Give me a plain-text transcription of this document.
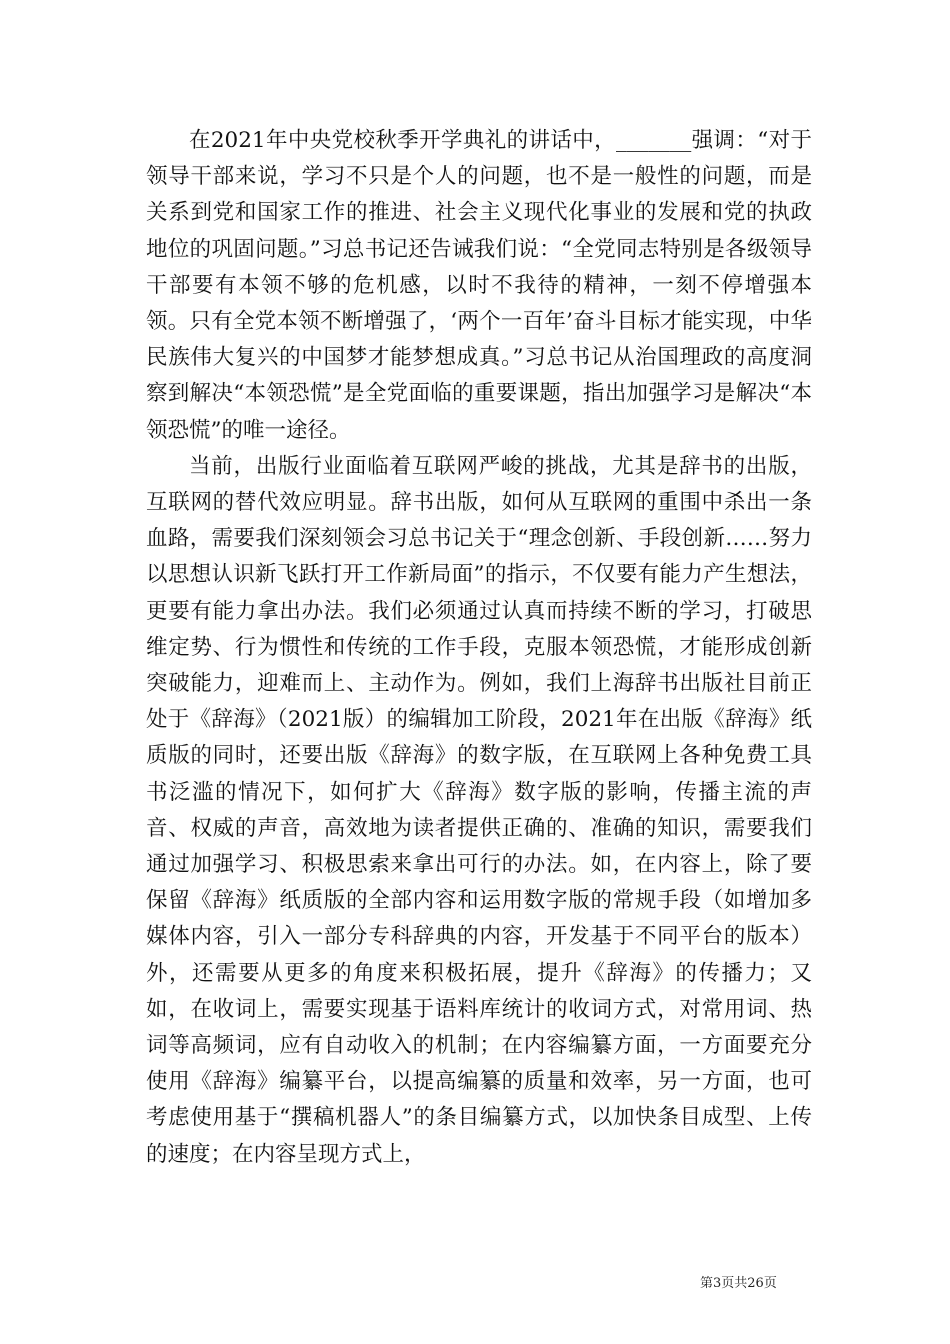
在2021年中央党校秋季开学典礼的讲话中，_______强调：“对于领导干部来说，学习不只是个人的问题，也不是一般性的问题，而是关系到党和国家工作的推进、社会主义现代化事业的发展和党的执政地位的巩固问题。”习总书记还告诫我们说：“全党同志特别是各级领导干部要有本领不够的危机感，以时不我待的精神，一刻不停增强本领。只有全党本领不断增强了，‘两个一百年’奋斗目标才能实现，中华民族伟大复兴的中国梦才能梦想成真。”习总书记从治国理政的高度洞察到解决“本领恐慌”是全党面临的重要课题，指出加强学习是解决“本领恐慌”的唯一途径。

当前，出版行业面临着互联网严峻的挑战，尤其是辞书的出版，互联网的替代效应明显。辞书出版，如何从互联网的重围中杀出一条血路，需要我们深刻领会习总书记关于“理念创新、手段创新……努力以思想认识新飞跃打开工作新局面”的指示，不仅要有能力产生想法，更要有能力拿出办法。我们必须通过认真而持续不断的学习，打破思维定势、行为惯性和传统的工作手段，克服本领恐慌，才能形成创新突破能力，迎难而上、主动作为。例如，我们上海辞书出版社目前正处于《辞海》（2021版）的编辑加工阶段，2021年在出版《辞海》纸质版的同时，还要出版《辞海》的数字版，在互联网上各种免费工具书泛滥的情况下，如何扩大《辞海》数字版的影响，传播主流的声音、权威的声音，高效地为读者提供正确的、准确的知识，需要我们通过加强学习、积极思索来拿出可行的办法。如，在内容上，除了要保留《辞海》纸质版的全部内容和运用数字版的常规手段（如增加多媒体内容，引入一部分专科辞典的内容，开发基于不同平台的版本）外，还需要从更多的角度来积极拓展，提升《辞海》的传播力；又如，在收词上，需要实现基于语料库统计的收词方式，对常用词、热词等高频词，应有自动收入的机制；在内容编纂方面，一方面要充分使用《辞海》编纂平台，以提高编纂的质量和效率，另一方面，也可考虑使用基于“撰稿机器人”的条目编纂方式，以加快条目成型、上传的速度；在内容呈现方式上，

第3页共26页
